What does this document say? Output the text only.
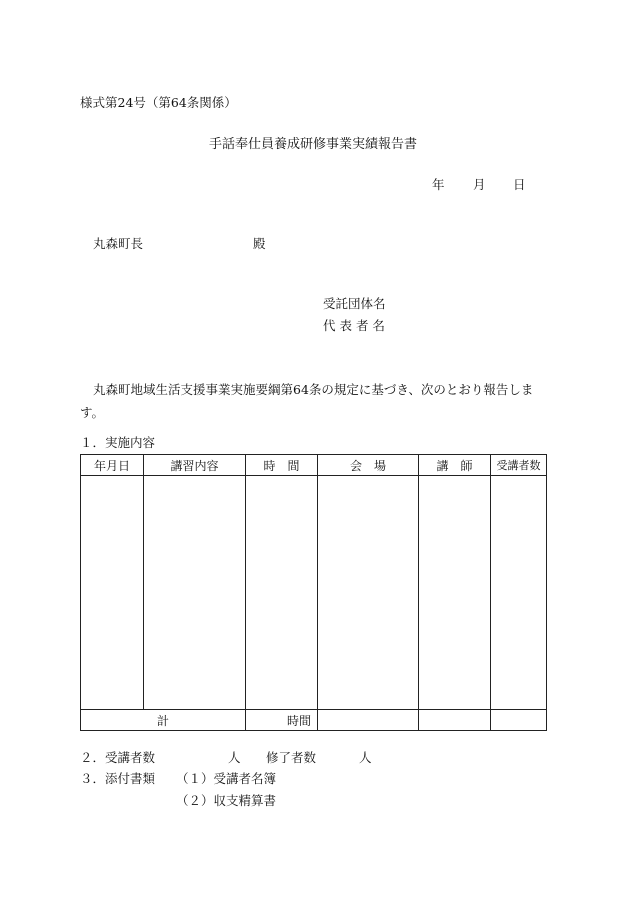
様式第24号（第64条関係）
手話奉仕員養成研修事業実績報告書
年 月 日
丸森町長	殿
受託団体名
代 表 者 名
丸森町地域生活支援事業実施要綱第64条の規定に基づき、次のとおり報告します。
１．実施内容
年月日	講習内容	時　間	会　場	講　師	受講者数

計		時間			
２．受講者数	人 修了者数	人
３．添付書類 （１）受講者名簿
（２）収支精算書
